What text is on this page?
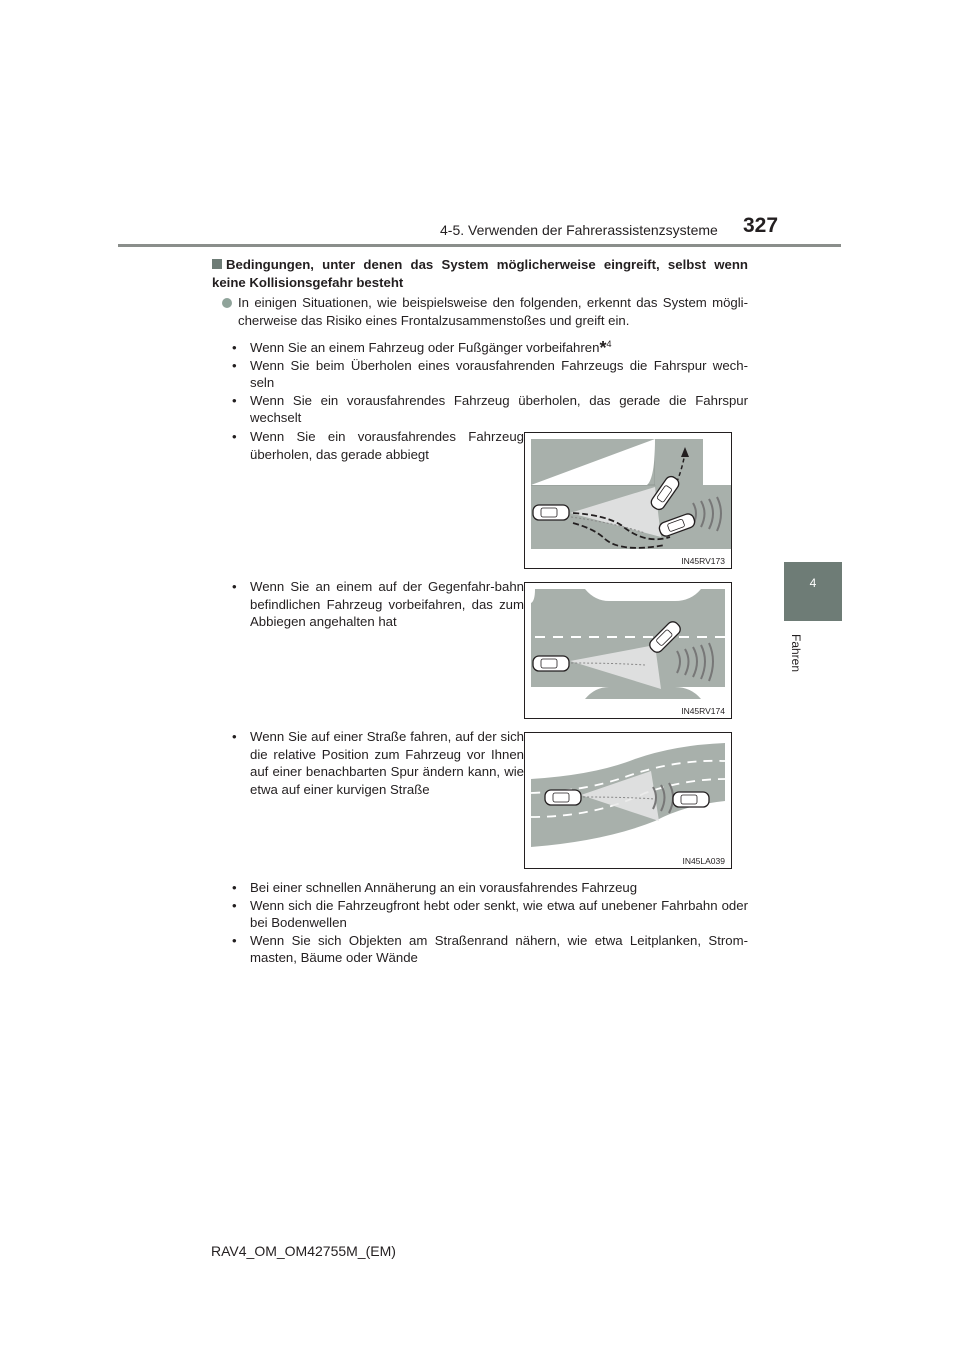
4-5. Verwenden der Fahrerassistenzsysteme 327
4
Fahren
Bedingungen, unter denen das System möglicherweise eingreift, selbst wenn keine Kollisionsgefahr besteht
In einigen Situationen, wie beispielsweise den folgenden, erkennt das System mögli-cherweise das Risiko eines Frontalzusammenstoßes und greift ein.
• Wenn Sie an einem Fahrzeug oder Fußgänger vorbeifahren*$^4$
• Wenn Sie beim Überholen eines vorausfahrenden Fahrzeugs die Fahrspur wech-seln
• Wenn Sie ein vorausfahrendes Fahrzeug überholen, das gerade die Fahrspur wechselt
• Wenn Sie ein vorausfahrendes Fahrzeug überholen, das gerade abbiegt
IN45RV173
• Wenn Sie an einem auf der Gegenfahr-bahn befindlichen Fahrzeug vorbeifahren, das zum Abbiegen angehalten hat
IN45RV174
• Wenn Sie auf einer Straße fahren, auf der sich die relative Position zum Fahrzeug vor Ihnen auf einer benachbarten Spur ändern kann, wie etwa auf einer kurvigen Straße
IN45LA039
• Bei einer schnellen Annäherung an ein vorausfahrendes Fahrzeug
• Wenn sich die Fahrzeugfront hebt oder senkt, wie etwa auf unebener Fahrbahn oder bei Bodenwellen
• Wenn Sie sich Objekten am Straßenrand nähern, wie etwa Leitplanken, Strom-masten, Bäume oder Wände
RAV4_OM_OM42755M_(EM)
